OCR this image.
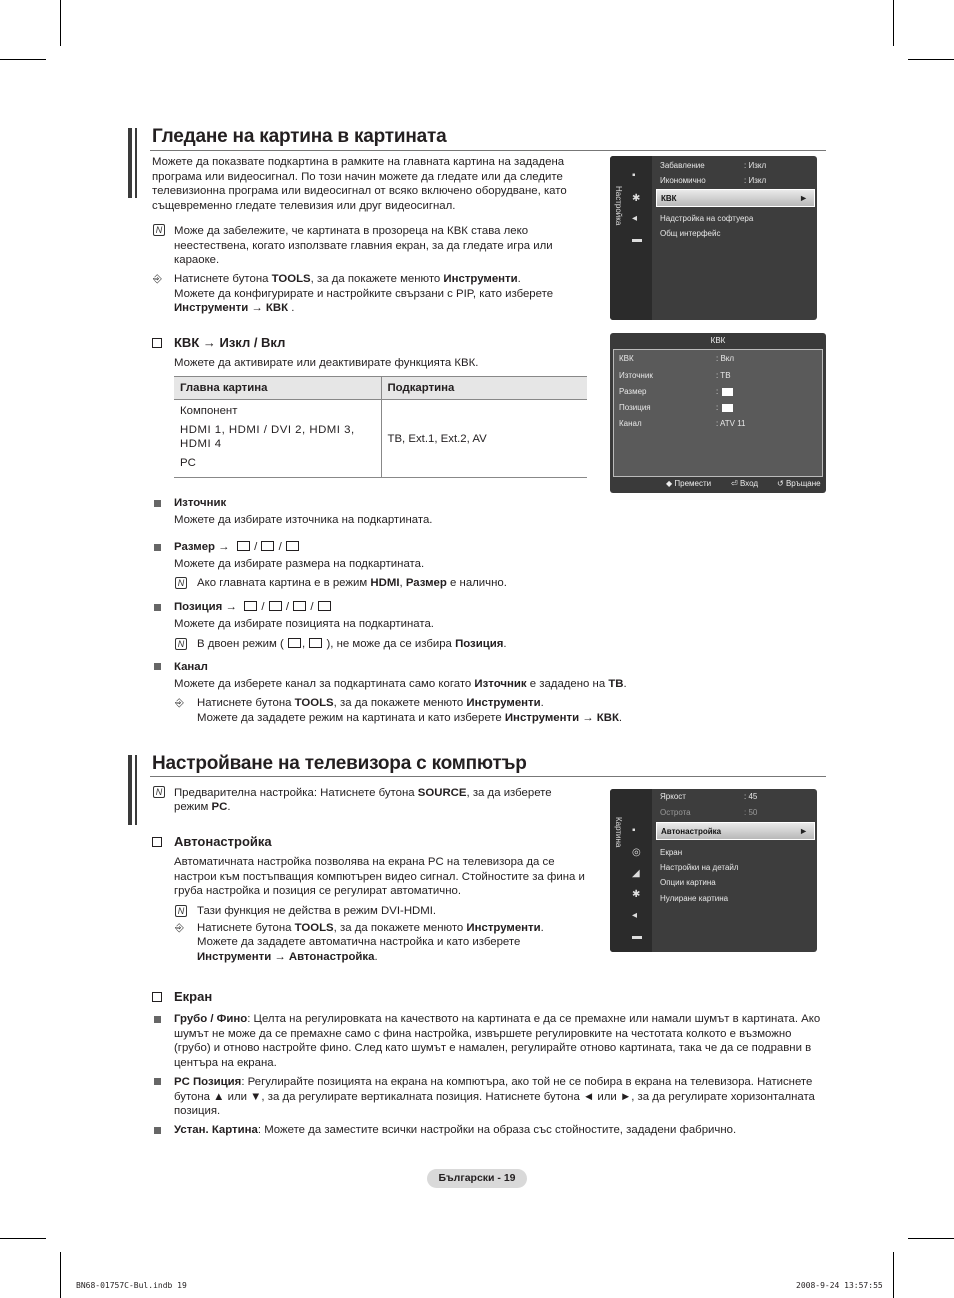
Гледане на картина в картината
Можете да показвате подкартина в рамките на главната картина на зададена програма или видеосигнал. По този начин можете да гледате или да следите телевизионна програма или видеосигнал от всяко включено оборудване, като същевременно гледате телевизия или друг видеосигнал.
N Може да забележите, че картината в прозореца на КВК става леко неестествена, когато използвате главния екран, за да гледате игра или караоке.
⎆	Натиснете бутона TOOLS, за да покажете менюто Инструменти.
Можете да конфигурирате и настройките свързани с PIP, като изберете
Инструменти → КВК .
Настройка
▪
✱
◂
▬
Забавление	: Изкл
Икономично	: Изкл
КВК	►
Надстройка на софтуера
Общ интерфейс
КВК
КВК	: Вкл
Източник	: TB
Размер	:
Позиция	:
Канал	: ATV 11
◆ Премести ⏎ Вход ↺ Връщане
КВК → Изкл / Вкл
Можете да активирате или деактивирате функцията КВК.
Главна картина	Подкартина

Компонент
HDMI 1, HDMI / DVI 2, HDMI 3, HDMI 4
PC	TB, Ext.1, Ext.2, AV
Източник
Можете да избирате източника на подкартината.
Размер →   /  /
Можете да избирате размера на подкартината.
N Ако главната картина е в режим HDMI, Размер е налично.
Позиция →   /  /  /
Можете да избирате позицията на подкартината.
N В двоен режим ( ,  ), не може да се избира Позиция.
Канал
Можете да изберете канал за подкартината само когато Източник е зададено на TB.
⎆	Натиснете бутона TOOLS, за да покажете менюто Инструменти.
Можете да зададете режим на картината и като изберете Инструменти → КВК.
Настройване на телевизора с компютър
N Предварителна настройка: Натиснете бутона SOURCE, за да изберете
режим PC.
Картина ▪
◎
◢
✱
◂
▬
Яркост	: 45
Острота	: 50
Автонастройка	►
Екран
Настройки на детайл
Опции картина
Нулиране картина
Автонастройка
Автоматичната настройка позволява на екрана PC на телевизора да се настрои към постъпващия компютърен видео сигнал. Стойностите за фина и груба настройка и позиция се регулират автоматично.
N Тази функция не действа в режим DVI-HDMI.
⎆	Натиснете бутона TOOLS, за да покажете менюто Инструменти.
Можете да зададете автоматична настройка и като изберете
Инструменти → Автонастройка.
Екран
Грубо / Фино: Целта на регулировката на качеството на картината е да се премахне или намали шумът в картината. Ако шумът не може да се премахне само с фина настройка, извършете регулировките на честотата колкото е възможно (грубо) и отново настройте фино. След като шумът е намален, регулирайте отново картината, така че да се подравни в центъра на екрана.
PC Позиция: Регулирайте позицията на екрана на компютъра, ако той не се побира в екрана на телевизора. Натиснете бутона ▲ или ▼, за да регулирате вертикалната позиция. Натиснете бутона ◄ или ►, за да регулирате хоризонталната позиция.
Устан. Картина: Можете да заместите всички настройки на образа със стойностите, зададени фабрично.
Български - 19
BN68-01757C-Bul.indb 19	2008-9-24 13:57:55
